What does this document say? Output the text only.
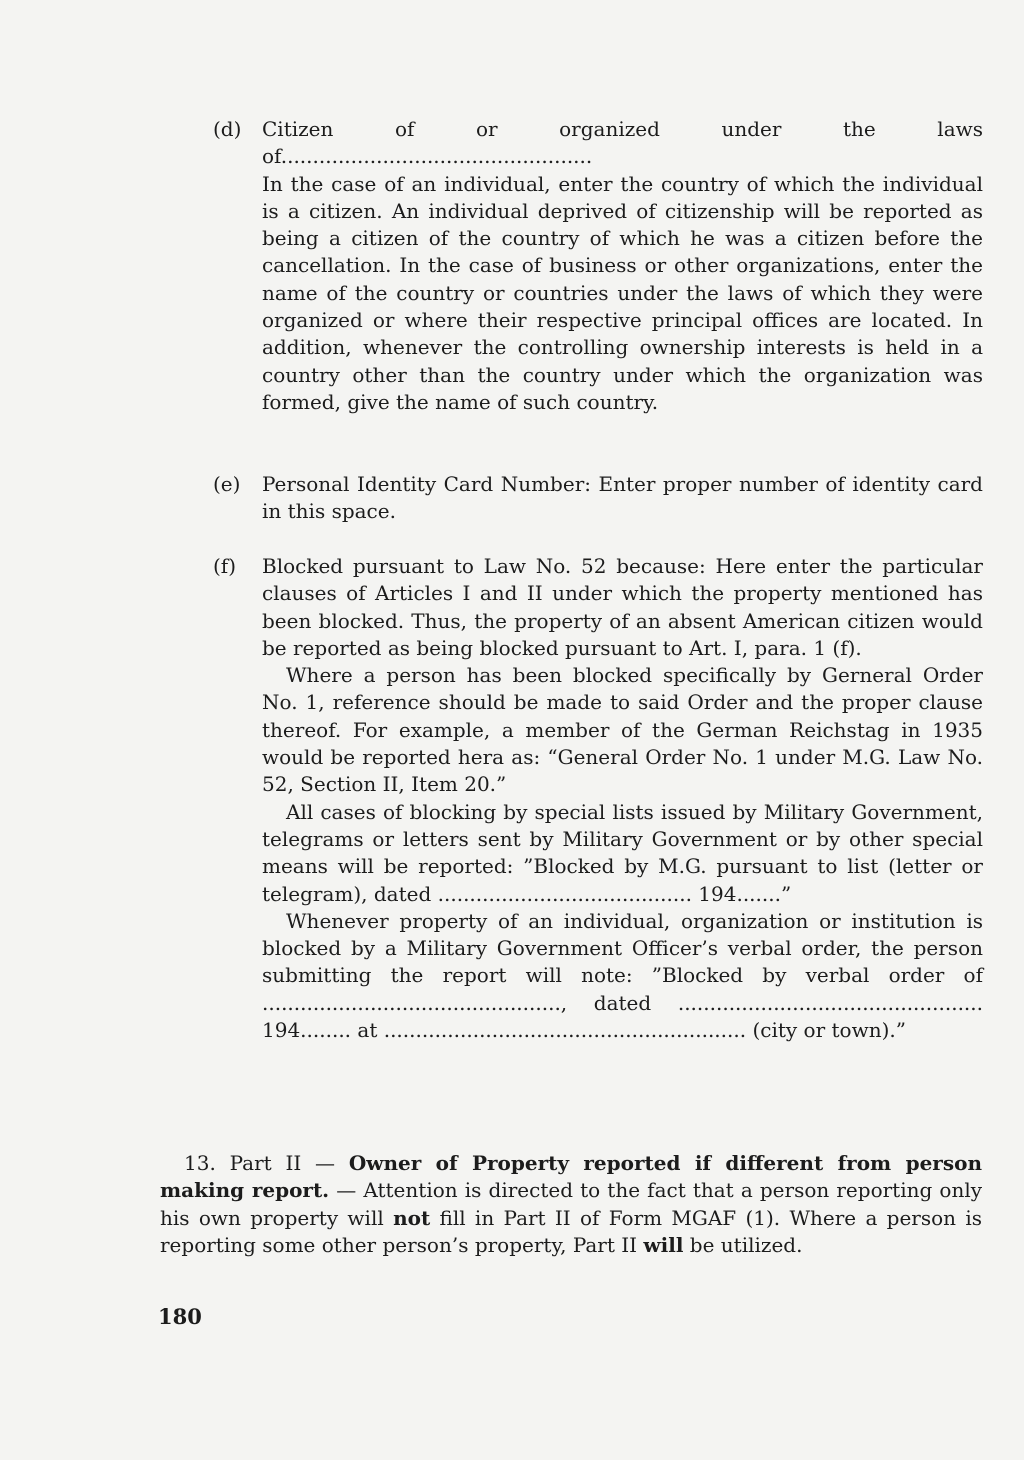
(d) Citizen of or organized under the laws of.................................................

In the case of an individual, enter the country of which the individual is a citizen. An individual deprived of citizenship will be reported as being a citizen of the country of which he was a citizen before the cancellation. In the case of business or other organizations, enter the name of the country or countries under the laws of which they were organized or where their respective principal offices are located. In addition, whenever the controlling ownership interests is held in a country other than the country under which the organization was formed, give the name of such country.

(e) Personal Identity Card Number: Enter proper number of identity card in this space.

(f) Blocked pursuant to Law No. 52 because: Here enter the particular clauses of Articles I and II under which the property mentioned has been blocked. Thus, the property of an absent American citizen would be reported as being blocked pursuant to Art. I, para. 1 (f).

Where a person has been blocked specifically by Gerneral Order No. 1, reference should be made to said Order and the proper clause thereof. For example, a member of the German Reichstag in 1935 would be reported hera as: “General Order No. 1 under M.G. Law No. 52, Section II, Item 20.”

All cases of blocking by special lists issued by Military Government, telegrams or letters sent by Military Government or by other special means will be reported: ”Blocked by M.G. pursuant to list (letter or telegram), dated ........................................ 194.......”

Whenever property of an individual, organization or institution is blocked by a Military Government Officer’s verbal order, the person submitting the report will note: ”Blocked by verbal order of ..............................................., dated ................................................ 194........ at ......................................................... (city or town).”

13. Part II — Owner of Property reported if different from person making report. — Attention is directed to the fact that a person reporting only his own property will not fill in Part II of Form MGAF (1). Where a person is reporting some other person’s property, Part II will be utilized.
180
